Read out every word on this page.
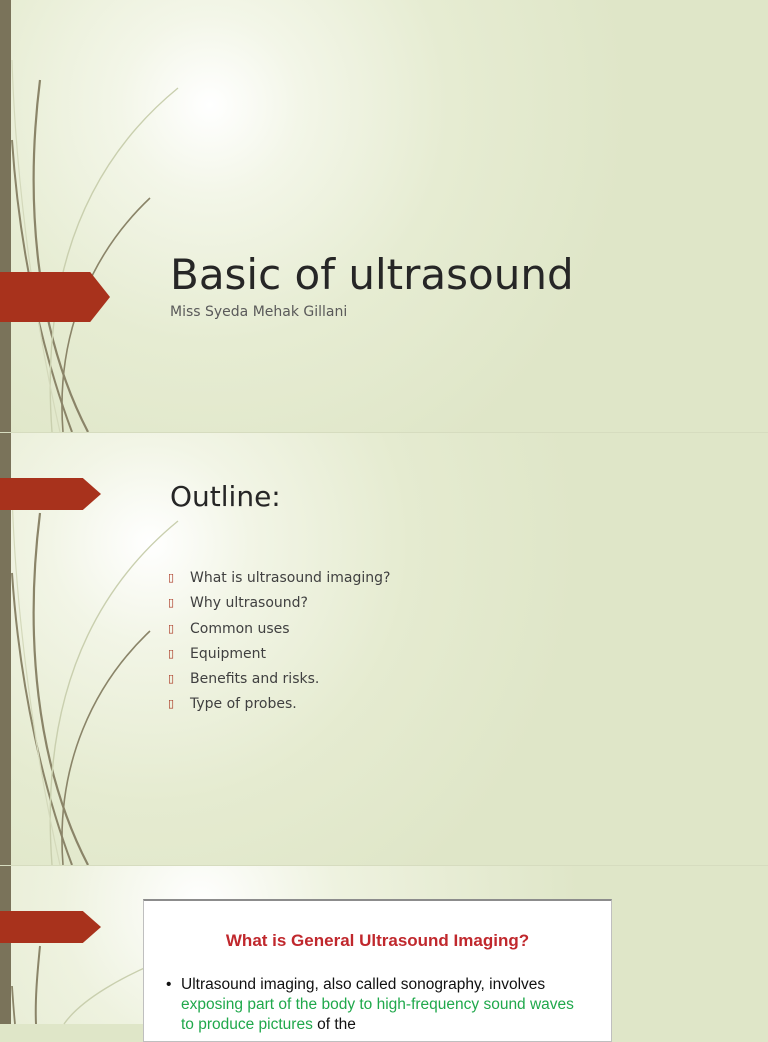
Basic of ultrasound
Miss Syeda Mehak Gillani
Outline:
▯	What is ultrasound imaging?
▯	Why ultrasound?
▯	Common uses
▯	Equipment
▯	Benefits and risks.
▯	Type of probes.
What is General Ultrasound Imaging?
• Ultrasound imaging, also called sonography, involves exposing part of the body to high-frequency sound waves to produce pictures of the
